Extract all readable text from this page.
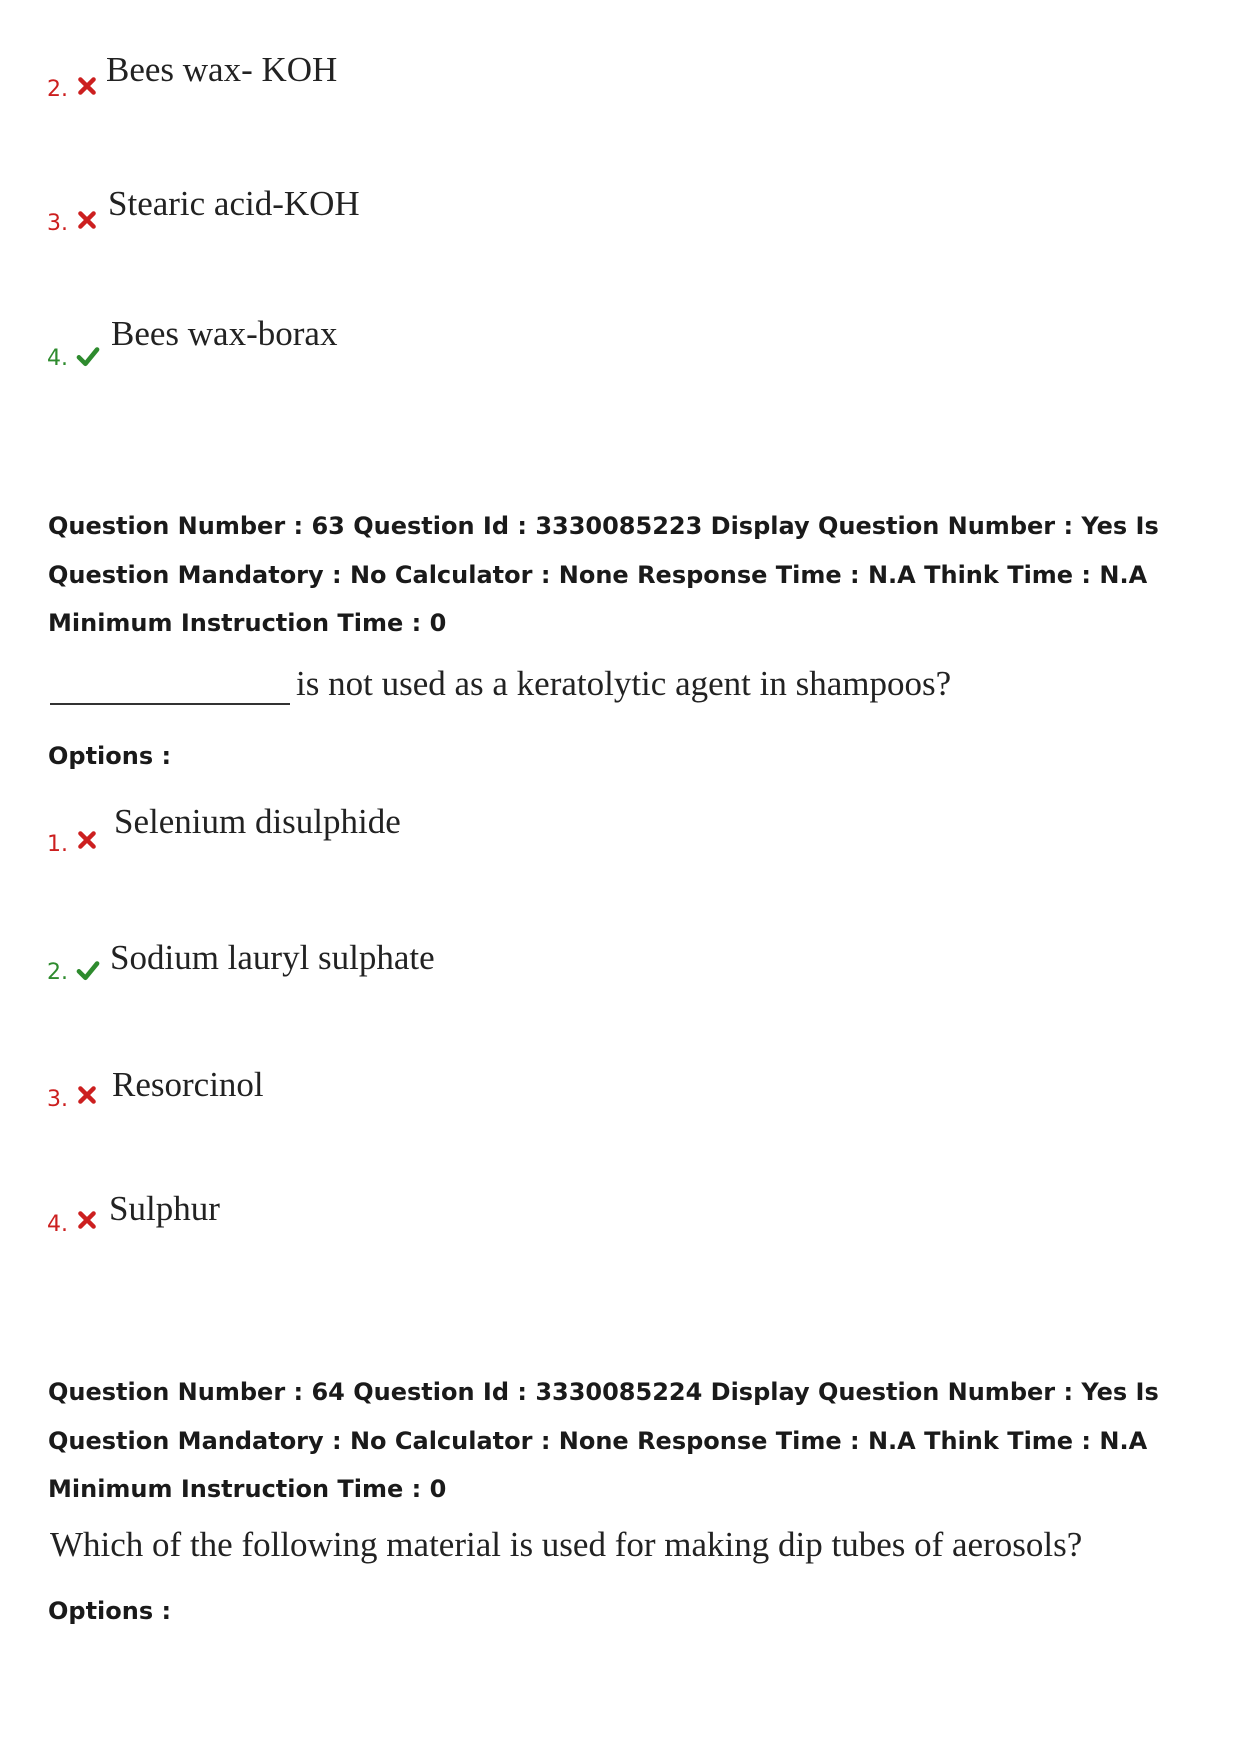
2.
Bees wax- KOH
3.
Stearic acid-KOH
4.
Bees wax-borax

Question Number : 63 Question Id : 3330085223 Display Question Number : Yes Is Question Mandatory : No Calculator : None Response Time : N.A Think Time : N.A Minimum Instruction Time : 0

is not used as a keratolytic agent in shampoos?
Options :
1.
Selenium disulphide
2. Sodium lauryl sulphate
3. Resorcinol
4. Sulphur

Question Number : 64 Question Id : 3330085224 Display Question Number : Yes Is Question Mandatory : No Calculator : None Response Time : N.A Think Time : N.A Minimum Instruction Time : 0

Which of the following material is used for making dip tubes of aerosols?
Options :
